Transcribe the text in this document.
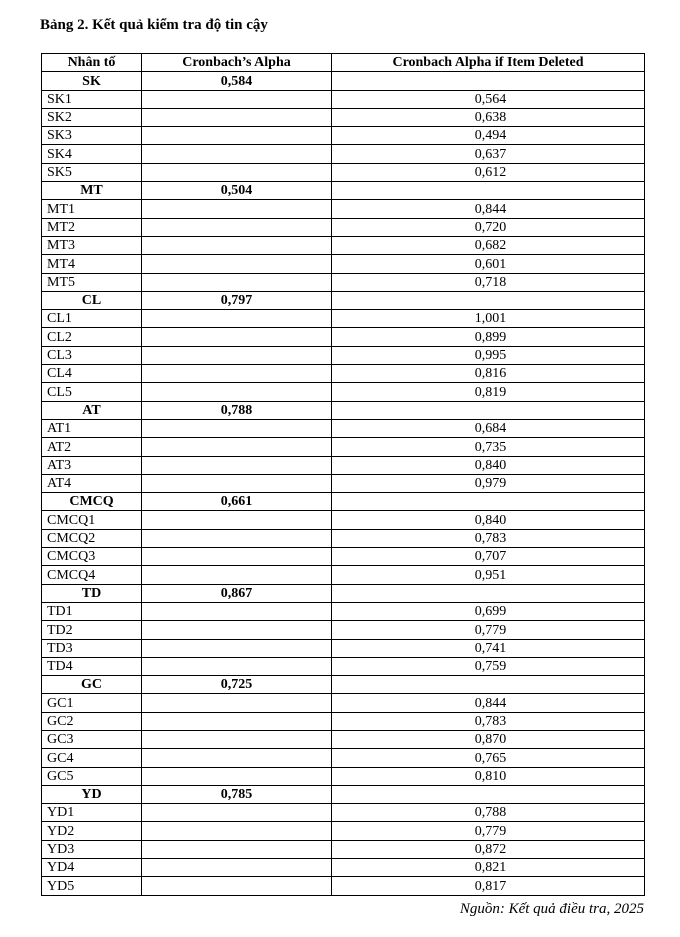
Bảng 2. Kết quả kiểm tra độ tin cậy
Nhân tố	Cronbach’s Alpha	Cronbach Alpha if Item Deleted
SK	0,584	
SK1		0,564
SK2		0,638
SK3		0,494
SK4		0,637
SK5		0,612
MT	0,504	
MT1		0,844
MT2		0,720
MT3		0,682
MT4		0,601
MT5		0,718
CL	0,797	
CL1		1,001
CL2		0,899
CL3		0,995
CL4		0,816
CL5		0,819
AT	0,788	
AT1		0,684
AT2		0,735
AT3		0,840
AT4		0,979
CMCQ	0,661	
CMCQ1		0,840
CMCQ2		0,783
CMCQ3		0,707
CMCQ4		0,951
TD	0,867	
TD1		0,699
TD2		0,779
TD3		0,741
TD4		0,759
GC	0,725	
GC1		0,844
GC2		0,783
GC3		0,870
GC4		0,765
GC5		0,810
YD	0,785	
YD1		0,788
YD2		0,779
YD3		0,872
YD4		0,821
YD5		0,817
Nguồn: Kết quả điều tra, 2025
